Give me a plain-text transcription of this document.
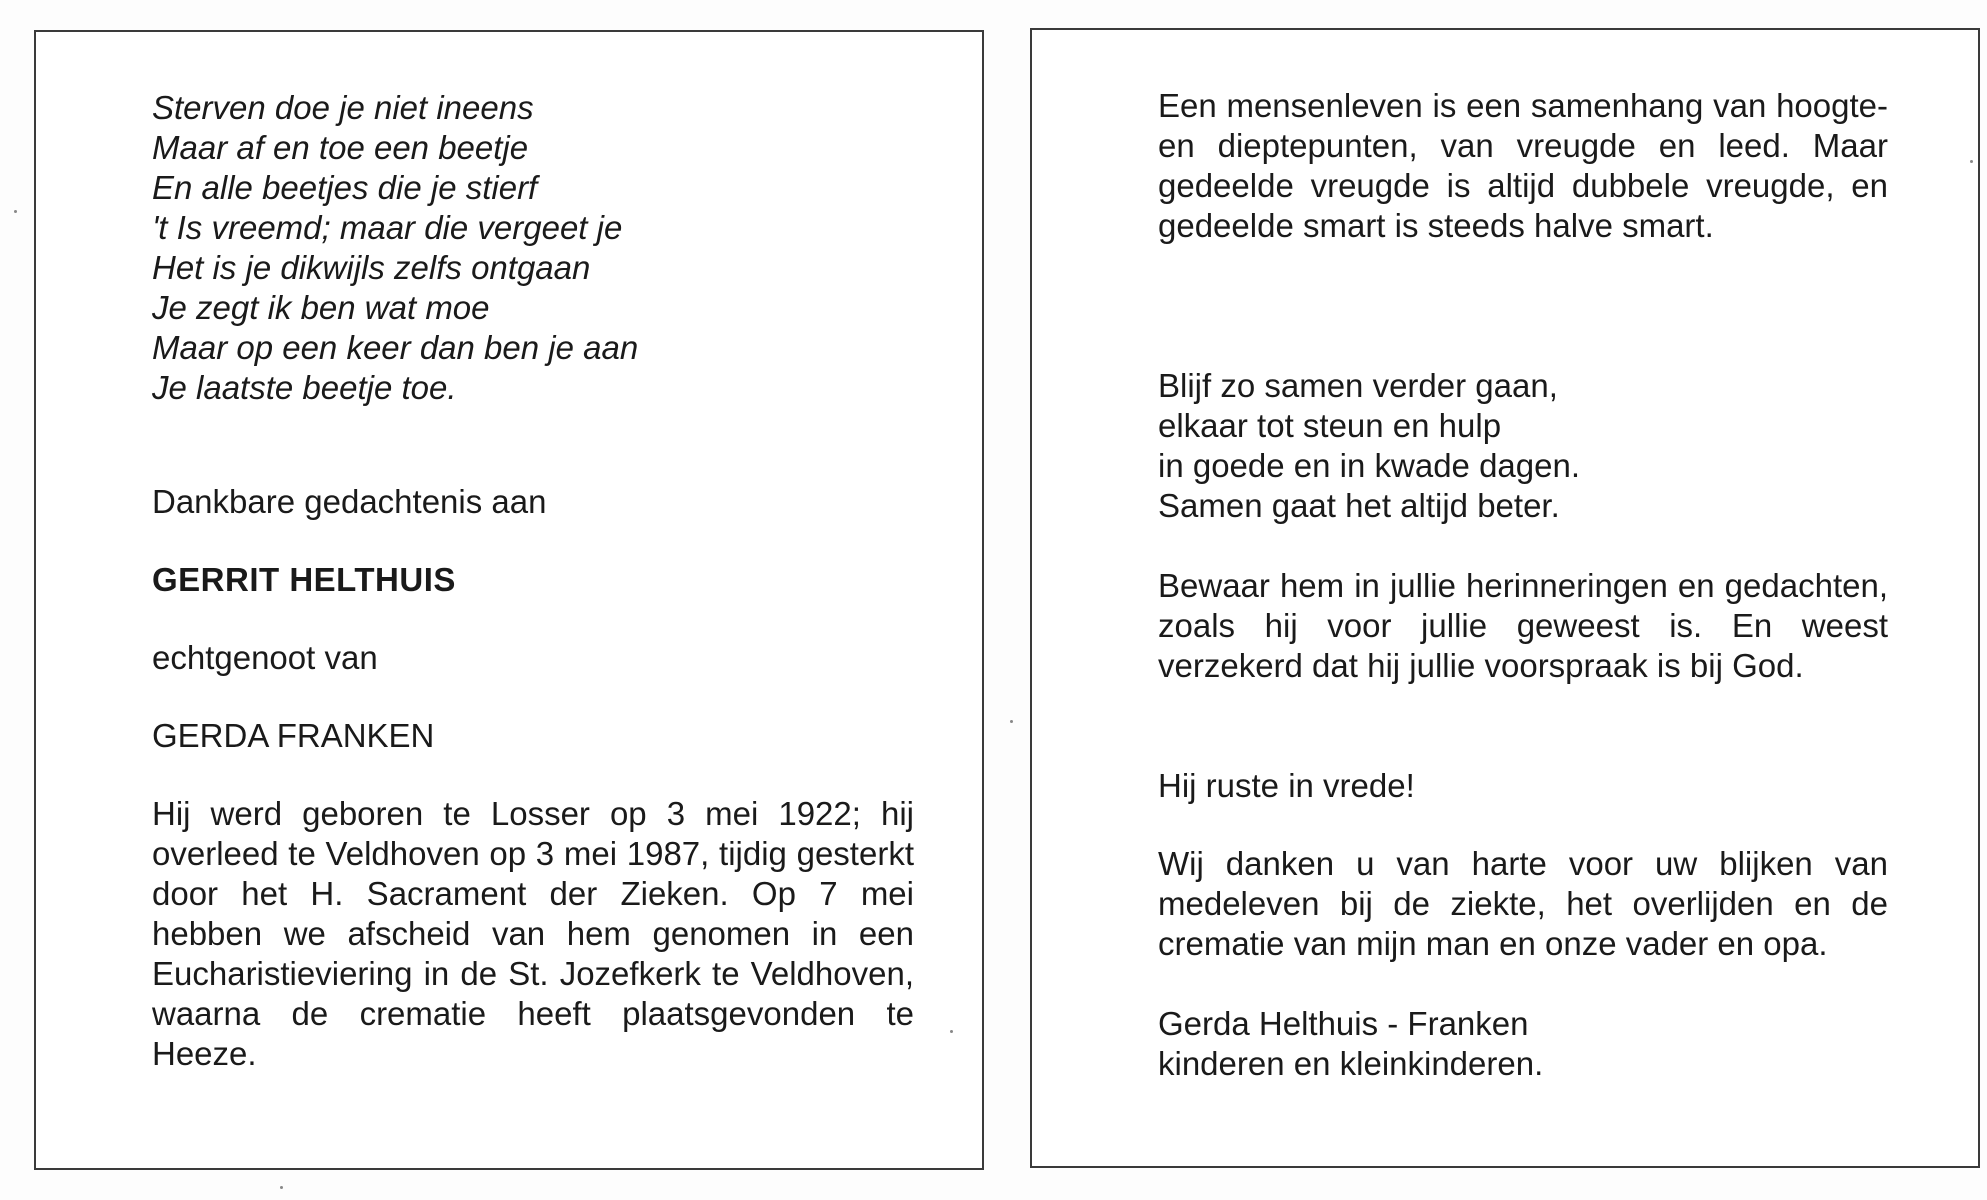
Sterven doe je niet ineens
Maar af en toe een beetje
En alle beetjes die je stierf
't Is vreemd; maar die vergeet je
Het is je dikwijls zelfs ontgaan
Je zegt ik ben wat moe
Maar op een keer dan ben je aan
Je laatste beetje toe.
Dankbare gedachtenis aan
GERRIT HELTHUIS
echtgenoot van
GERDA FRANKEN
Hij werd geboren te Losser op 3 mei 1922; hij overleed te Veldhoven op 3 mei 1987, tijdig gesterkt door het H. Sacrament der Zieken. Op 7 mei hebben we afscheid van hem genomen in een Eucharistieviering in de St. Jozefkerk te Veldhoven, waarna de crematie heeft plaatsgevonden te Heeze.
Een mensenleven is een samenhang van hoogte- en dieptepunten, van vreugde en leed. Maar gedeelde vreugde is altijd dubbele vreugde, en gedeelde smart is steeds halve smart.
Blijf zo samen verder gaan,
elkaar tot steun en hulp
in goede en in kwade dagen.
Samen gaat het altijd beter.
Bewaar hem in jullie herinneringen en gedachten, zoals hij voor jullie geweest is. En weest verzekerd dat hij jullie voorspraak is bij God.
Hij ruste in vrede!
Wij danken u van harte voor uw blijken van medeleven bij de ziekte, het overlijden en de crematie van mijn man en onze vader en opa.
Gerda Helthuis - Franken
kinderen en kleinkinderen.
